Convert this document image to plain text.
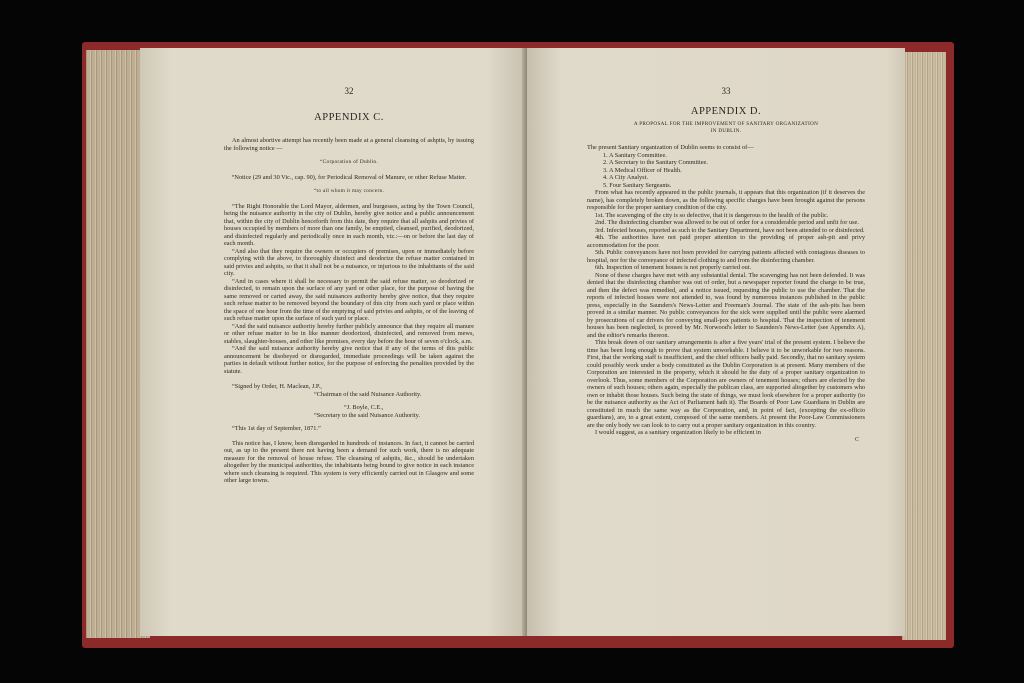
32
APPENDIX C.

An almost abortive attempt has recently been made at a general cleansing of ashpits, by issuing the following notice —

“Corporation of Dublin.

“Notice (29 and 30 Vic., cap. 90), for Periodical Removal of Manure, or other Refuse Matter.

“to all whom it may concern.

“The Right Honorable the Lord Mayor, aldermen, and burgesses, acting by the Town Council, being the nuisance authority in the city of Dublin, hereby give notice and a public announcement that, within the city of Dublin henceforth from this date, they require that all ashpits and privies of houses occupied by members of more than one family, be emptied, cleansed, purified, deodorized, and disinfected regularly and periodically once in each month, viz.:—on or before the last day of each month.

“And also that they require the owners or occupiers of premises, upon or immediately before complying with the above, to thoroughly disinfect and deodorize the refuse matter contained in said privies and ashpits, so that it shall not be a nuisance, or injurious to the inhabitants of the said city.

“And in cases where it shall be necessary to permit the said refuse matter, so deodorized or disinfected, to remain upon the surface of any yard or other place, for the purpose of having the same removed or carted away, the said nuisances authority hereby give notice, that they require such refuse matter to be removed beyond the boundary of this city from such yard or place within the space of one hour from the time of the emptying of said privies and ashpits, or of the leaving of such refuse matter upon the surface of such yard or place.

“And the said nuisance authority hereby further publicly announce that they require all manure or other refuse matter to be in like manner deodorized, disinfected, and removed from mews, stables, slaughter-houses, and other like premises, every day before the hour of seven o'clock, a.m.

“And the said nuisance authority hereby give notice that if any of the terms of this public announcement be disobeyed or disregarded, immediate proceedings will be taken against the parties in default without further notice, for the purpose of enforcing the penalties provided by the statute.

“Signed by Order, H. Maclean, J.P.,

“Chairman of the said Nuisance Authority.

“J. Boyle, C.E.,

“Secretary to the said Nuisance Authority.

“This 1st day of September, 1871.”

This notice has, I know, been disregarded in hundreds of instances. In fact, it cannot be carried out, as up to the present there not having been a demand for such work, there is no adequate measure for the removal of house refuse. The cleansing of ashpits, &c., should be undertaken altogether by the municipal authorities, the inhabitants being bound to give notice in each instance where such cleansing is required. This system is very efficiently carried out in Glasgow and some other large towns.

33
APPENDIX D.
A PROPOSAL FOR THE IMPROVEMENT OF SANITARY ORGANIZATION
IN DUBLIN.

The present Sanitary organization of Dublin seems to consist of—

1. A Sanitary Committee.

2. A Secretary to the Sanitary Committee.

3. A Medical Officer of Health.

4. A City Analyst.

5. Four Sanitary Sergeants.

From what has recently appeared in the public journals, it appears that this organization (if it deserves the name), has completely broken down, as the following specific charges have been brought against the persons responsible for the proper sanitary condition of the city.

1st. The scavenging of the city is so defective, that it is dangerous to the health of the public.

2nd. The disinfecting chamber was allowed to be out of order for a considerable period and unfit for use.

3rd. Infected houses, reported as such to the Sanitary Department, have not been attended to or disinfected.

4th. The authorities have not paid proper attention to the providing of proper ash-pit and privy accommodation for the poor.

5th. Public conveyances have not been provided for carrying patients affected with contagious diseases to hospital, nor for the conveyance of infected clothing to and from the disinfecting chamber.

6th. Inspection of tenement houses is not properly carried out.

None of these charges have met with any substantial denial. The scavenging has not been defended. It was denied that the disinfecting chamber was out of order, but a newspaper reporter found the charge to be true, and then the defect was remedied, and a notice issued, requesting the public to use the chamber. That the reports of infected houses were not attended to, was found by numerous instances published in the public press, especially in the Saunders's News-Letter and Freeman's Journal. The state of the ash-pits has been proved in a similar manner. No public conveyances for the sick were supplied until the public were alarmed by prosecutions of car drivers for conveying small-pox patients to hospital. That the inspection of tenement houses has been neglected, is proved by Mr. Norwood's letter to Saunders's News-Letter (see Appendix A), and the editor's remarks thereon.

This break down of our sanitary arrangements is after a five years' trial of the present system. I believe the time has been long enough to prove that system unworkable. I believe it to be unworkable for two reasons. First, that the working staff is insufficient, and the chief officers badly paid. Secondly, that no sanitary system could possibly work under a body constituted as the Dublin Corporation is at present. Many members of the Corporation are interested in the property, which it should be the duty of a proper sanitary organization to overlook. Thus, some members of the Corporation are owners of tenement houses; others are elected by the owners of such houses; others again, especially the publican class, are supported altogether by customers who own or inhabit those houses. Such being the state of things, we must look elsewhere for a proper authority (to be the nuisance authority as the Act of Parliament hath it). The Boards of Poor Law Guardians in Dublin are constituted in much the same way as the Corporation, and, in point of fact, (excepting the ex-officio guardians), are, to a great extent, composed of the same members. At present the Poor-Law Commissioners are the only body we can look to to carry out a proper sanitary organization in this country.

I would suggest, as a sanitary organization likely to be efficient in

C
